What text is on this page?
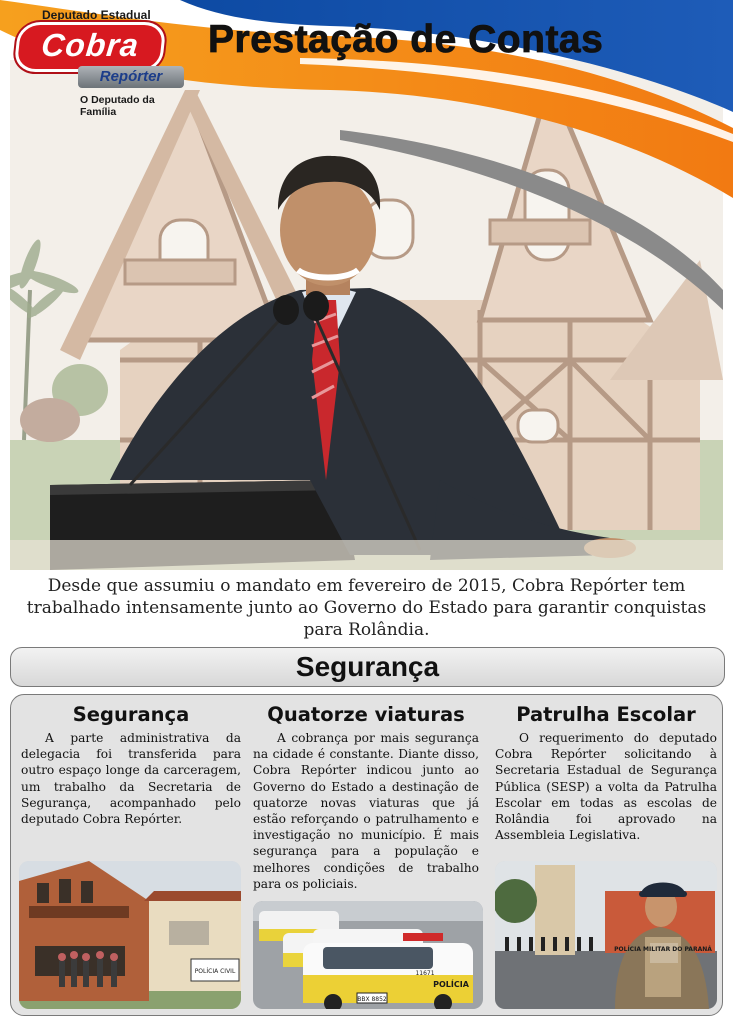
Deputado Estadual
Cobra
Repórter
O Deputado da Família
Prestação de Contas
Desde que assumiu o mandato em fevereiro de 2015, Cobra Repórter tem trabalhado intensamente junto ao Governo do Estado para garantir conquistas para Rolândia.
Segurança
Segurança

A parte administrativa da delegacia foi transferida para outro espaço longe da carceragem, um trabalho da Secretaria de Segurança, acompanhado pelo deputado Cobra Repórter.

POLÍCIA CIVIL
Quatorze viaturas

A cobrança por mais segurança na cidade é constante. Diante disso, Cobra Repórter indicou junto ao Governo do Estado a destinação de quatorze novas viaturas que já estão reforçando o patrulhamento e investigação no município. É mais segurança para a população e melhores condições de trabalho para os policiais.

POLÍCIA
BBX 8852
11671
Patrulha Escolar

O requerimento do deputado Cobra Repórter solicitando à Secretaria Estadual de Segurança Pública (SESP) a volta da Patrulha Escolar em todas as escolas de Rolândia foi aprovado na Assembleia Legislativa.

POLÍCIA MILITAR DO PARANÁ
